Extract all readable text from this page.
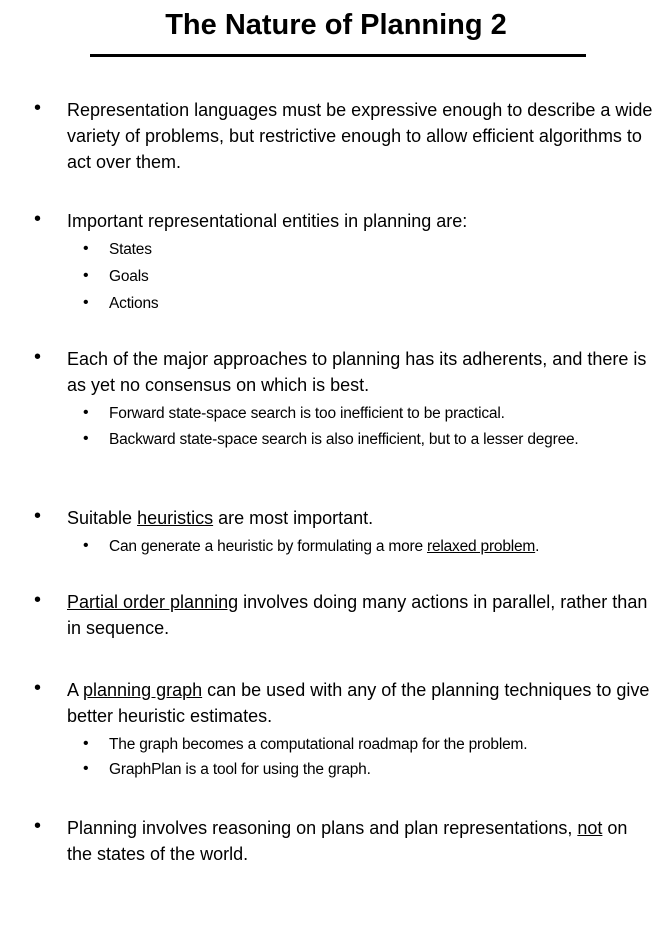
The Nature of Planning 2
• Representation languages must be expressive enough to describe a wide variety of problems, but restrictive enough to allow efficient algorithms to act over them.
• Important representational entities in planning are:
• States
• Goals
• Actions
• Each of the major approaches to planning has its adherents, and there is as yet no consensus on which is best.
• Forward state-space search is too inefficient to be practical.
• Backward state-space search is also inefficient, but to a lesser degree.
• Suitable heuristics are most important.
• Can generate a heuristic by formulating a more relaxed problem.
• Partial order planning involves doing many actions in parallel, rather than in sequence.
• A planning graph can be used with any of the planning techniques to give better heuristic estimates.
• The graph becomes a computational roadmap for the problem.
• GraphPlan is a tool for using the graph.
• Planning involves reasoning on plans and plan representations, not on the states of the world.
